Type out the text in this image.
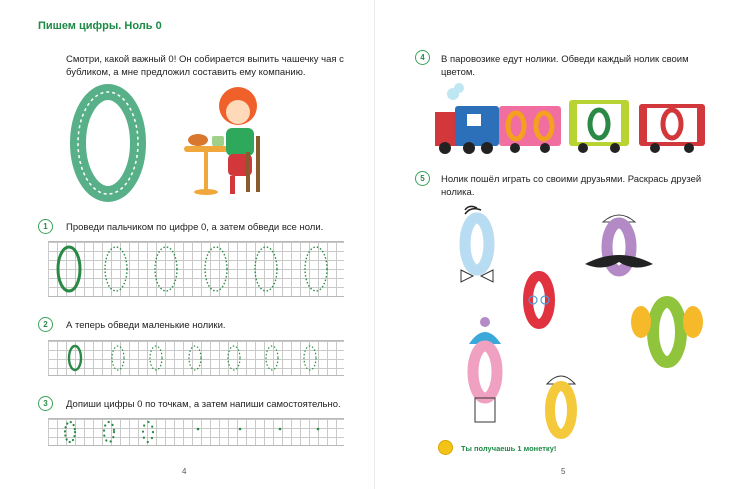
Пишем цифры. Ноль 0
Смотри, какой важный 0! Он собирается выпить чашечку чая с бубликом, а мне предложил составить ему компанию.
1	Проведи пальчиком по цифре 0, а затем обведи все ноли.
2	А теперь обведи маленькие нолики.
3	Допиши цифры 0 по точкам, а затем напиши самостоятельно.
4
4	В паровозике едут нолики. Обведи каждый нолик своим цветом.
5	Нолик пошёл играть со своими друзьями. Раскрась друзей нолика.
Ты получаешь 1 монетку!
5
